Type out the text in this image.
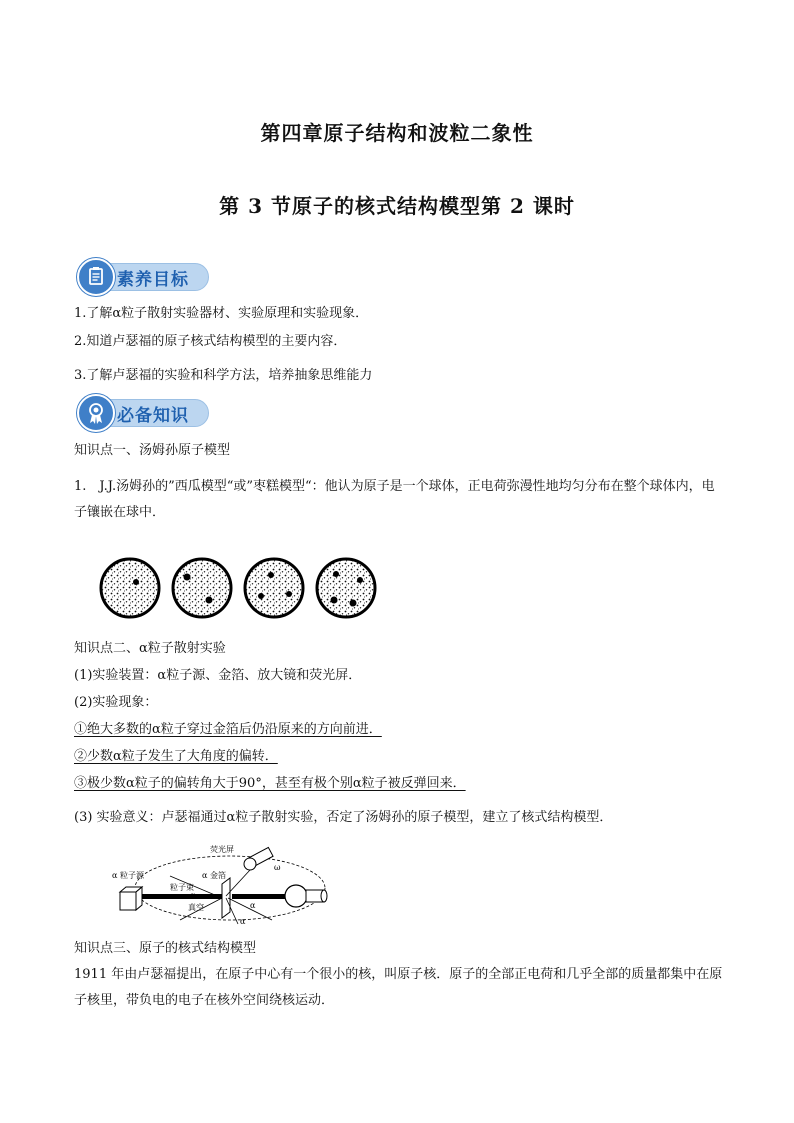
第四章原子结构和波粒二象性
第 3 节原子的核式结构模型第 2 课时
素养目标
1.了解α粒子散射实验器材、实验原理和实验现象．
2.知道卢瑟福的原子核式结构模型的主要内容．
3.了解卢瑟福的实验和科学方法，培养抽象思维能力
必备知识
知识点一、汤姆孙原子模型
1.　J.J.汤姆孙的”西瓜模型“或”枣糕模型“：他认为原子是一个球体，正电荷弥漫性地均匀分布在整个球体内，电子镶嵌在球中．
知识点二、α粒子散射实验
(1)实验装置：α粒子源、金箔、放大镜和荧光屏．
(2)实验现象：
①绝大多数的α粒子穿过金箔后仍沿原来的方向前进．
②少数α粒子发生了大角度的偏转．
③极少数α粒子的偏转角大于90°，甚至有极个别α粒子被反弹回来．
(3) 实验意义：卢瑟福通过α粒子散射实验，否定了汤姆孙的原子模型，建立了核式结构模型．
α 粒子源
荧光屏
α 金箔
粒子束
真空
α
α
α
ω
知识点三、原子的核式结构模型
1911 年由卢瑟福提出，在原子中心有一个很小的核，叫原子核．原子的全部正电荷和几乎全部的质量都集中在原子核里，带负电的电子在核外空间绕核运动．
